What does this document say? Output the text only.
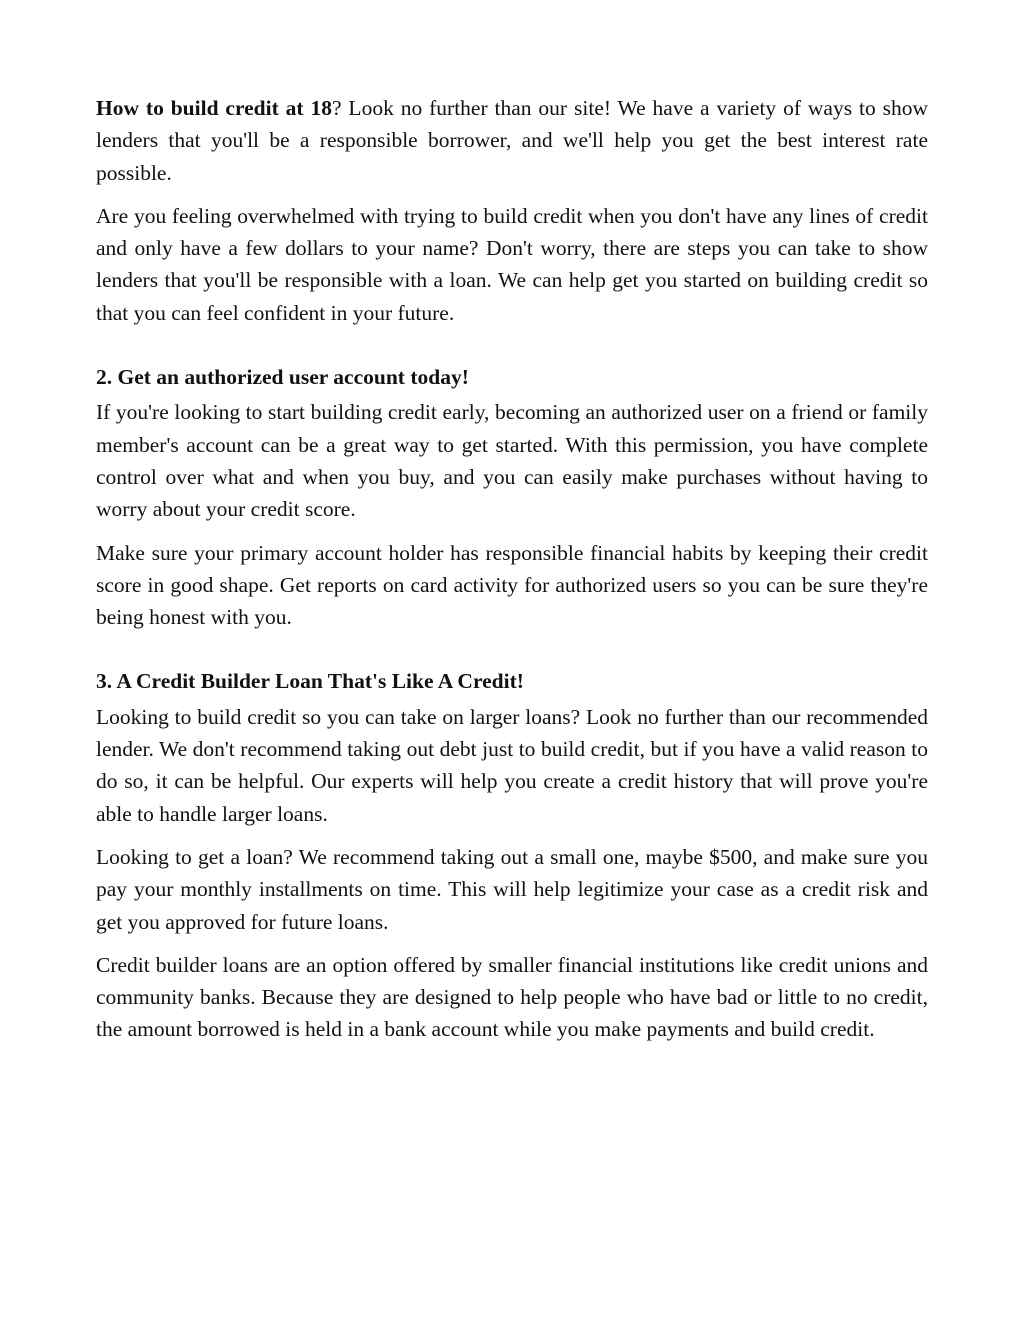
How to build credit at 18? Look no further than our site! We have a variety of ways to show lenders that you'll be a responsible borrower, and we'll help you get the best interest rate possible.

Are you feeling overwhelmed with trying to build credit when you don't have any lines of credit and only have a few dollars to your name? Don't worry, there are steps you can take to show lenders that you'll be responsible with a loan. We can help get you started on building credit so that you can feel confident in your future.

2. Get an authorized user account today!

If you're looking to start building credit early, becoming an authorized user on a friend or family member's account can be a great way to get started. With this permission, you have complete control over what and when you buy, and you can easily make purchases without having to worry about your credit score.

Make sure your primary account holder has responsible financial habits by keeping their credit score in good shape. Get reports on card activity for authorized users so you can be sure they're being honest with you.

3. A Credit Builder Loan That's Like A Credit!

Looking to build credit so you can take on larger loans? Look no further than our recommended lender. We don't recommend taking out debt just to build credit, but if you have a valid reason to do so, it can be helpful. Our experts will help you create a credit history that will prove you're able to handle larger loans.

Looking to get a loan? We recommend taking out a small one, maybe $500, and make sure you pay your monthly installments on time. This will help legitimize your case as a credit risk and get you approved for future loans.

Credit builder loans are an option offered by smaller financial institutions like credit unions and community banks. Because they are designed to help people who have bad or little to no credit, the amount borrowed is held in a bank account while you make payments and build credit.
